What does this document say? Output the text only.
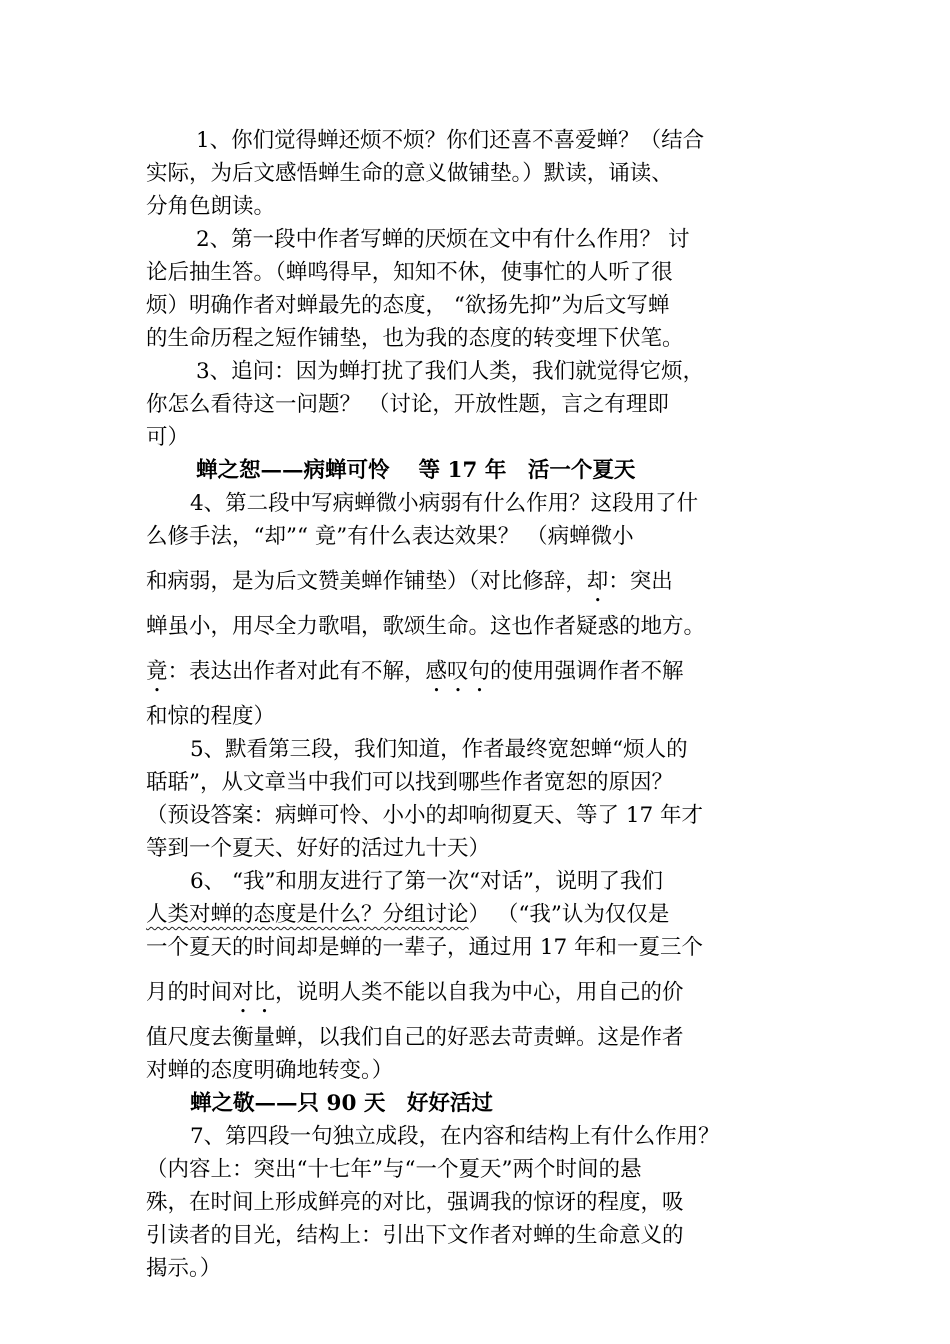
1、你们觉得蝉还烦不烦？你们还喜不喜爱蝉？（结合
实际，为后文感悟蝉生命的意义做铺垫。）默读，诵读、
分角色朗读。
2、第一段中作者写蝉的厌烦在文中有什么作用？ 讨
论后抽生答。（蝉鸣得早，知知不休，使事忙的人听了很
烦）明确作者对蝉最先的态度， “欲扬先抑”为后文写蝉
的生命历程之短作铺垫，也为我的态度的转变埋下伏笔。
3、追问：因为蝉打扰了我们人类，我们就觉得它烦，
你怎么看待这一问题？ （讨论，开放性题，言之有理即
可）
蝉之恕——病蝉可怜　 等 17 年　活一个夏天
4、第二段中写病蝉微小病弱有什么作用？这段用了什
么修手法，“却”“ 竟”有什么表达效果？ （病蝉微小
和病弱，是为后文赞美蝉作铺垫）（对比修辞，却：突出
蝉虽小，用尽全力歌唱，歌颂生命。这也作者疑惑的地方。
竟：表达出作者对此有不解，感叹句的使用强调作者不解
和惊的程度）
5、默看第三段，我们知道，作者最终宽恕蝉“烦人的
聒聒”，从文章当中我们可以找到哪些作者宽恕的原因？
（预设答案：病蝉可怜、小小的却响彻夏天、等了 17 年才
等到一个夏天、好好的活过九十天）
6、 “我”和朋友进行了第一次“对话”，说明了我们
人类对蝉的态度是什么？分组讨论） （“我”认为仅仅是
一个夏天的时间却是蝉的一辈子，通过用 17 年和一夏三个
月的时间对比，说明人类不能以自我为中心，用自己的价
值尺度去衡量蝉，以我们自己的好恶去苛责蝉。这是作者
对蝉的态度明确地转变。）
蝉之敬——只 90 天　好好活过
7、第四段一句独立成段，在内容和结构上有什么作用？
（内容上：突出“十七年”与“一个夏天”两个时间的悬
殊，在时间上形成鲜亮的对比，强调我的惊讶的程度，吸
引读者的目光，结构上：引出下文作者对蝉的生命意义的
揭示。）
